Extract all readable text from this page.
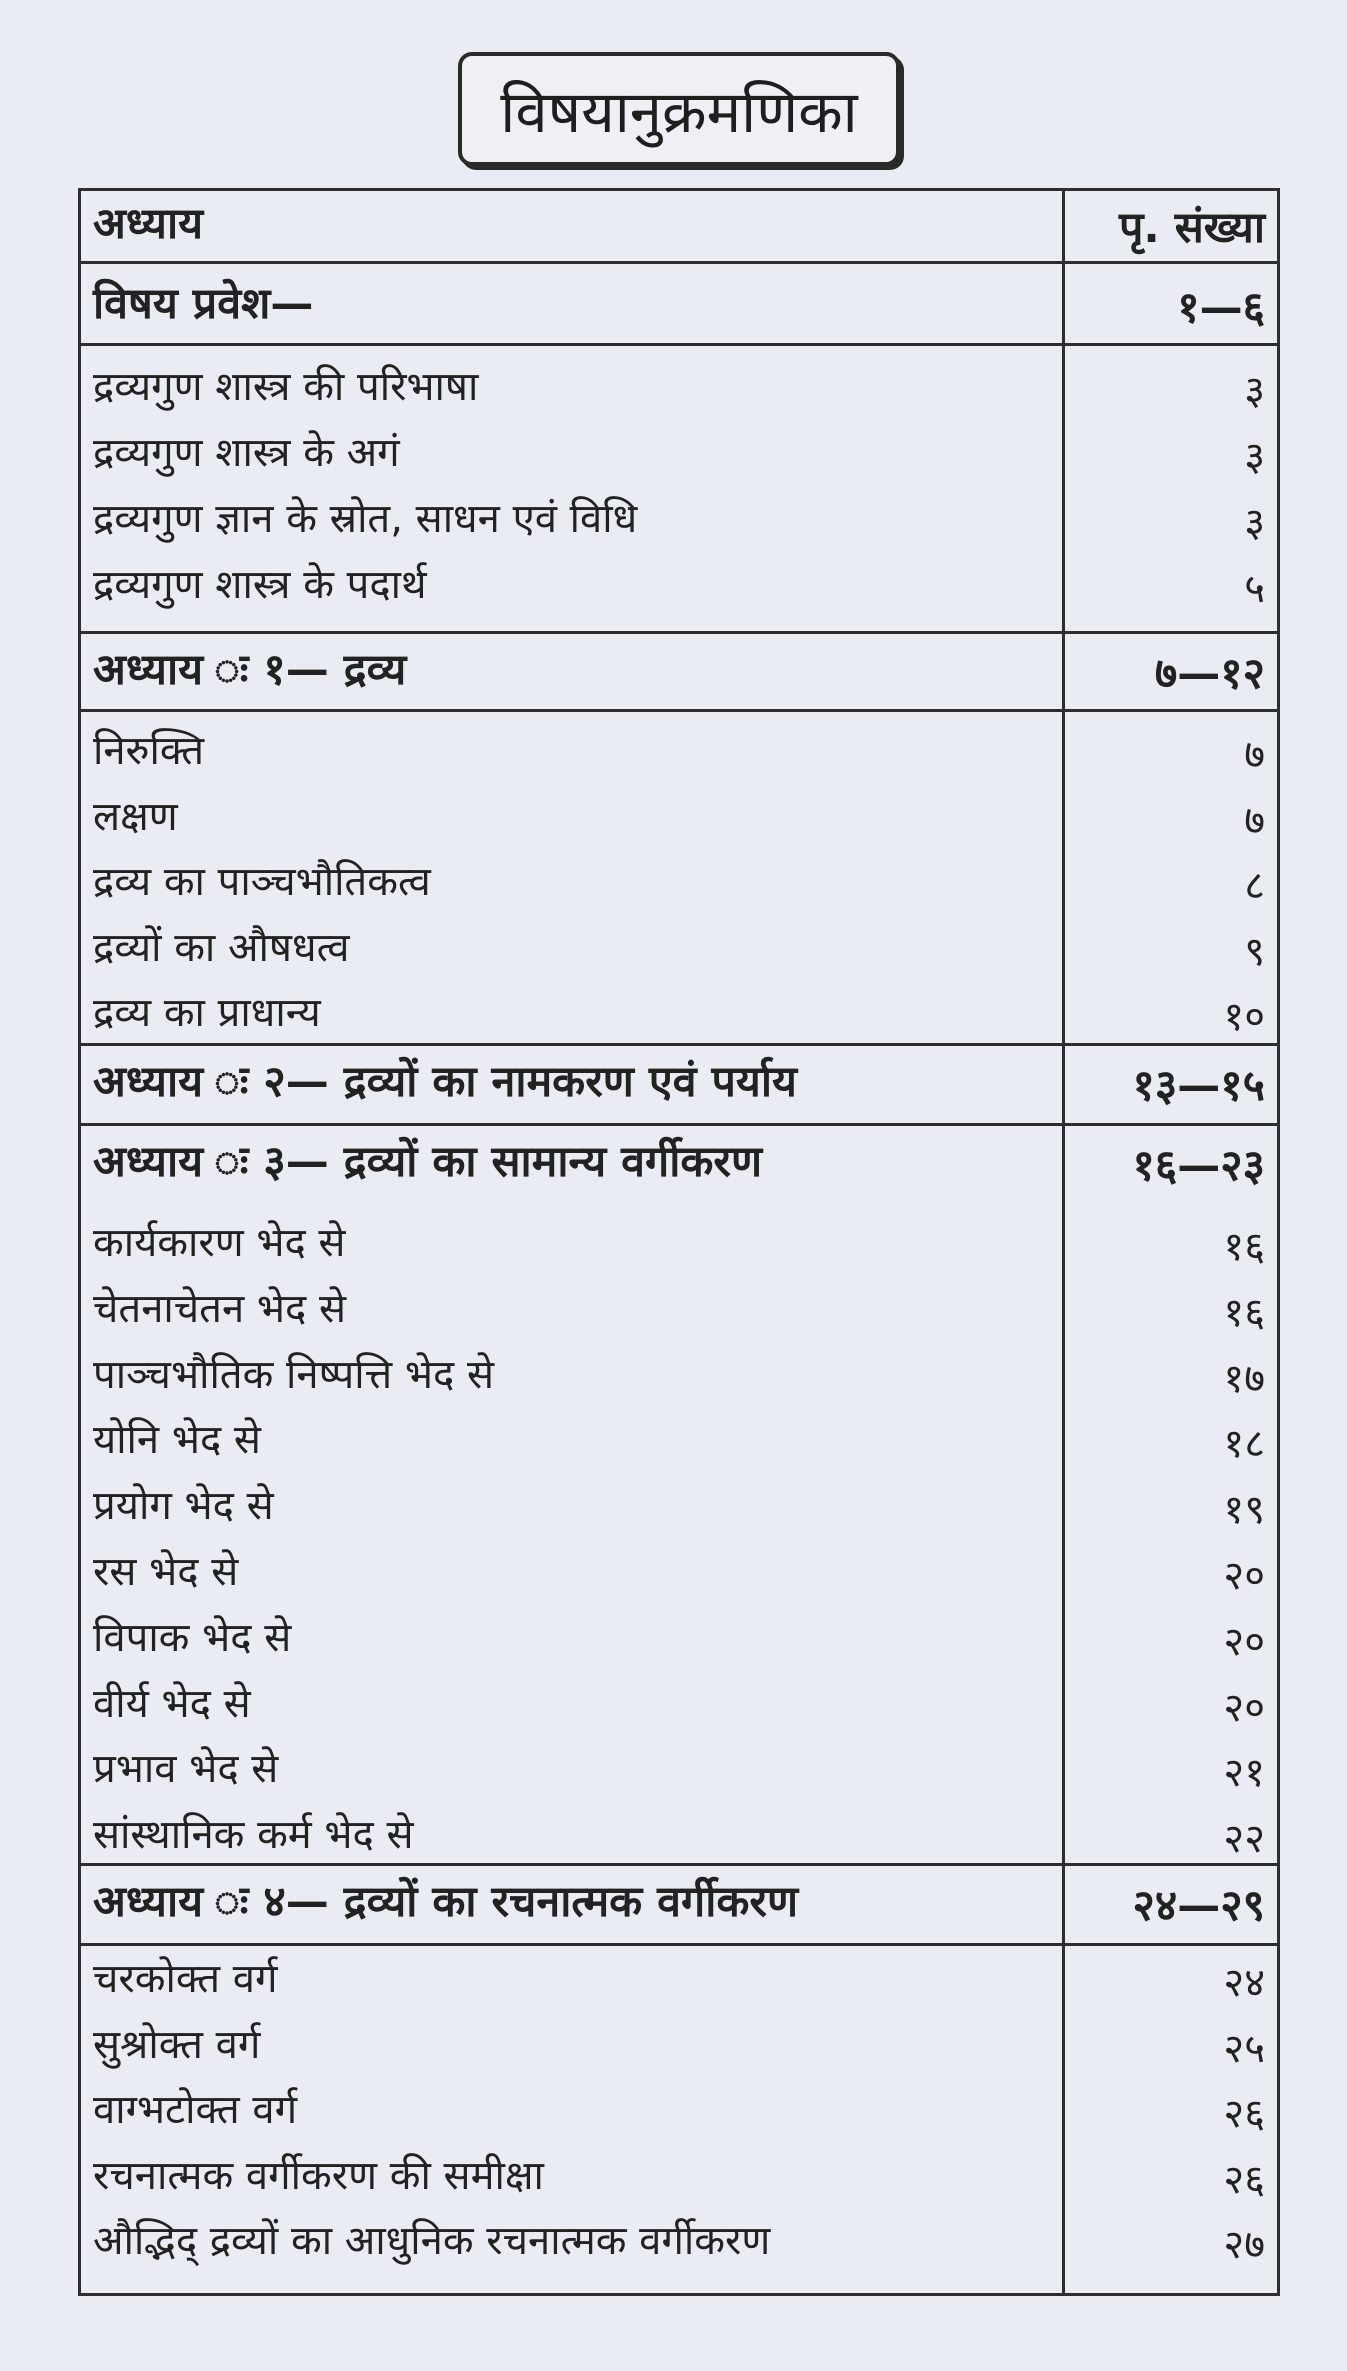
विषयानुक्रमणिका
अध्याय	पृ. संख्या
विषय प्रवेश—	१—६
द्रव्यगुण शास्त्र की परिभाषा	३
द्रव्यगुण शास्त्र के अगं	३
द्रव्यगुण ज्ञान के स्रोत, साधन एवं विधि	३
द्रव्यगुण शास्त्र के पदार्थ	५
अध्याय ः १— द्रव्य	७—१२
निरुक्ति	७
लक्षण	७
द्रव्य का पाञ्चभौतिकत्व	८
द्रव्यों का औषधत्व	९
द्रव्य का प्राधान्य	१०
अध्याय ः २— द्रव्यों का नामकरण एवं पर्याय	१३—१५
अध्याय ः ३— द्रव्यों का सामान्य वर्गीकरण	१६—२३
कार्यकारण भेद से	१६
चेतनाचेतन भेद से	१६
पाञ्चभौतिक निष्पत्ति भेद से	१७
योनि भेद से	१८
प्रयोग भेद से	१९
रस भेद से	२०
विपाक भेद से	२०
वीर्य भेद से	२०
प्रभाव भेद से	२१
सांस्थानिक कर्म भेद से	२२
अध्याय ः ४— द्रव्यों का रचनात्मक वर्गीकरण	२४—२९
चरकोक्त वर्ग	२४
सुश्रोक्त वर्ग	२५
वाग्भटोक्त वर्ग	२६
रचनात्मक वर्गीकरण की समीक्षा	२६
औद्भिद् द्रव्यों का आधुनिक रचनात्मक वर्गीकरण	२७
